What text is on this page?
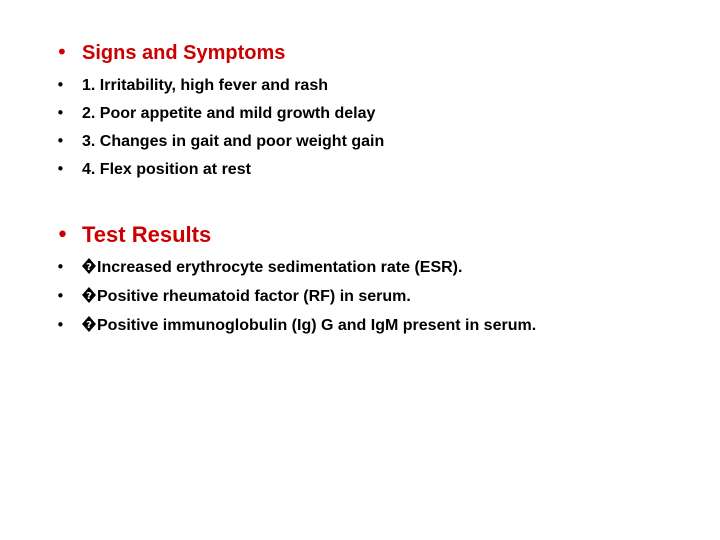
• Signs and Symptoms
•	1. Irritability, high fever and rash
•	2. Poor appetite and mild growth delay
•	3. Changes in gait and poor weight gain
•	4. Flex position at rest
• Test Results
•	? Increased erythrocyte sedimentation rate (ESR).
•	? Positive rheumatoid factor (RF) in serum.
•	? Positive immunoglobulin (Ig) G and IgM present in serum.
